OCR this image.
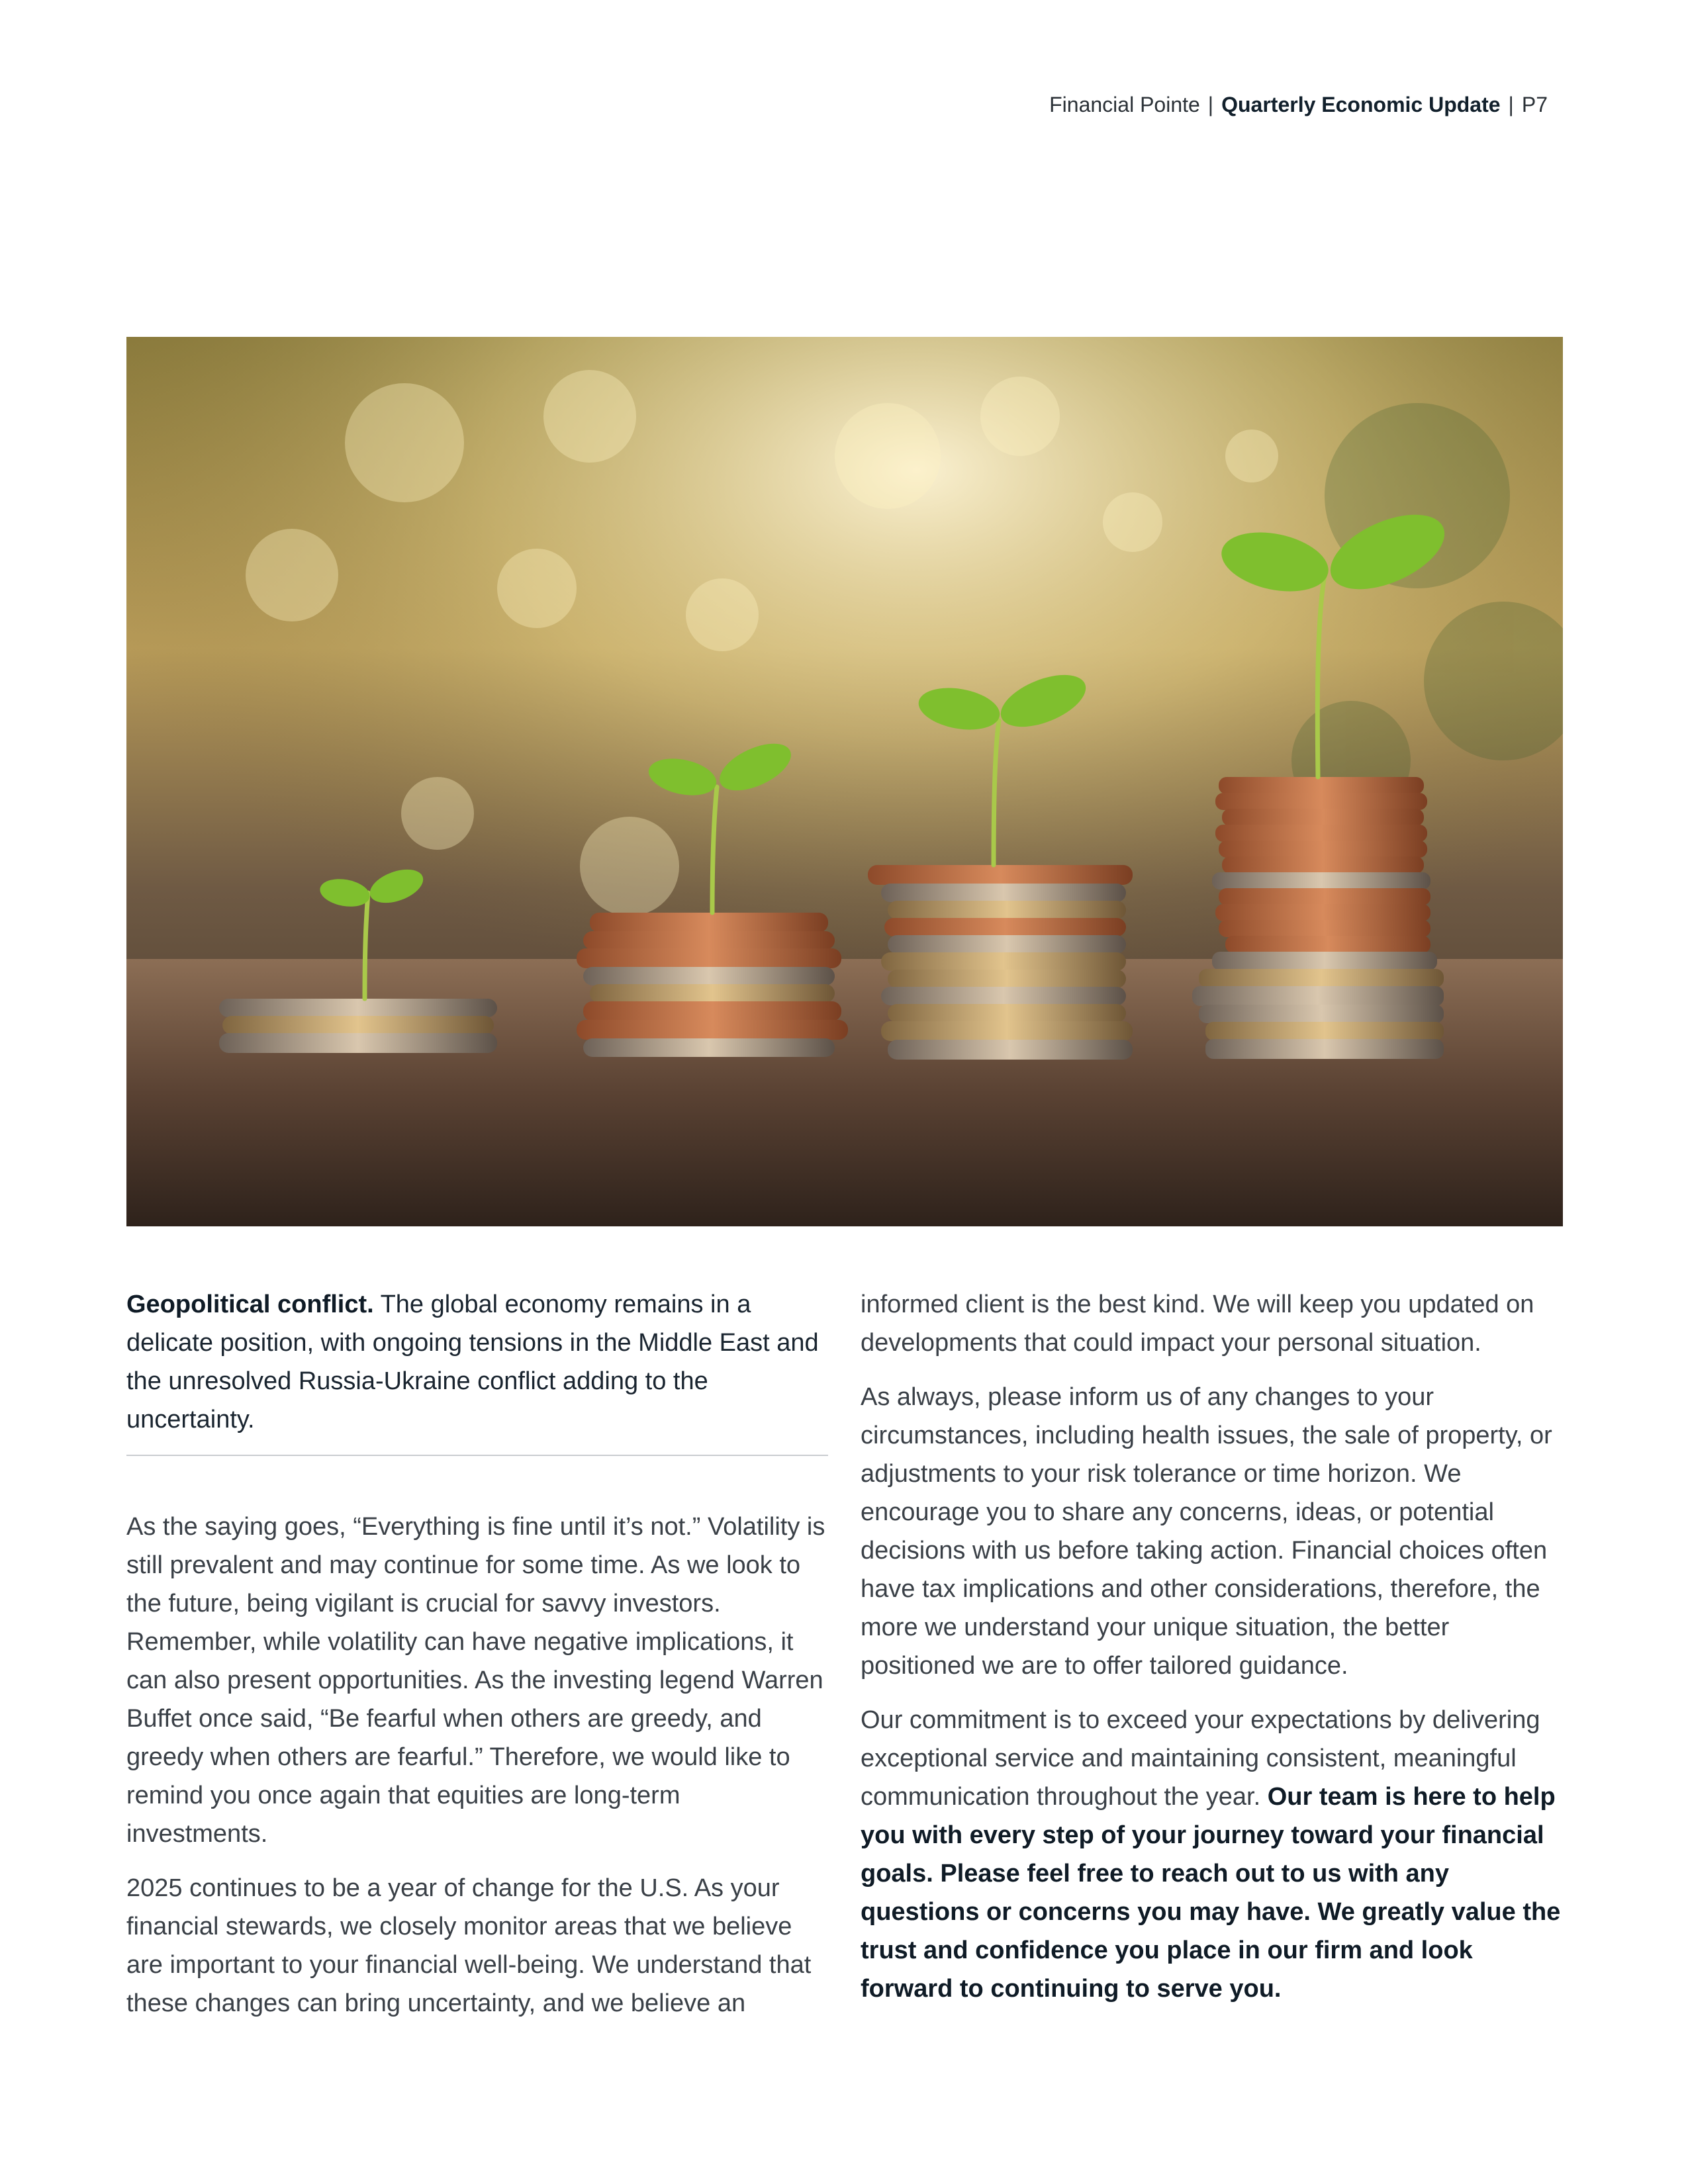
Financial Pointe | Quarterly Economic Update | P7

Geopolitical conflict. The global economy remains in a delicate position, with ongoing tensions in the Middle East and the unresolved Russia-Ukraine conflict adding to the uncertainty.

As the saying goes, “Everything is fine until it’s not.” Volatility is still prevalent and may continue for some time. As we look to the future, being vigilant is crucial for savvy investors. Remember, while volatility can have negative implications, it can also present opportunities. As the investing legend Warren Buffet once said, “Be fearful when others are greedy, and greedy when others are fearful.” Therefore, we would like to remind you once again that equities are long-term investments.

2025 continues to be a year of change for the U.S. As your financial stewards, we closely monitor areas that we believe are important to your financial well-being. We understand that these changes can bring uncertainty, and we believe an

informed client is the best kind. We will keep you updated on developments that could impact your personal situation.

As always, please inform us of any changes to your circumstances, including health issues, the sale of property, or adjustments to your risk tolerance or time horizon. We encourage you to share any concerns, ideas, or potential decisions with us before taking action. Financial choices often have tax implications and other considerations, therefore, the more we understand your unique situation, the better positioned we are to offer tailored guidance.

Our commitment is to exceed your expectations by delivering exceptional service and maintaining consistent, meaningful communication throughout the year. Our team is here to help you with every step of your journey toward your financial goals. Please feel free to reach out to us with any questions or concerns you may have. We greatly value the trust and confidence you place in our firm and look forward to continuing to serve you.
